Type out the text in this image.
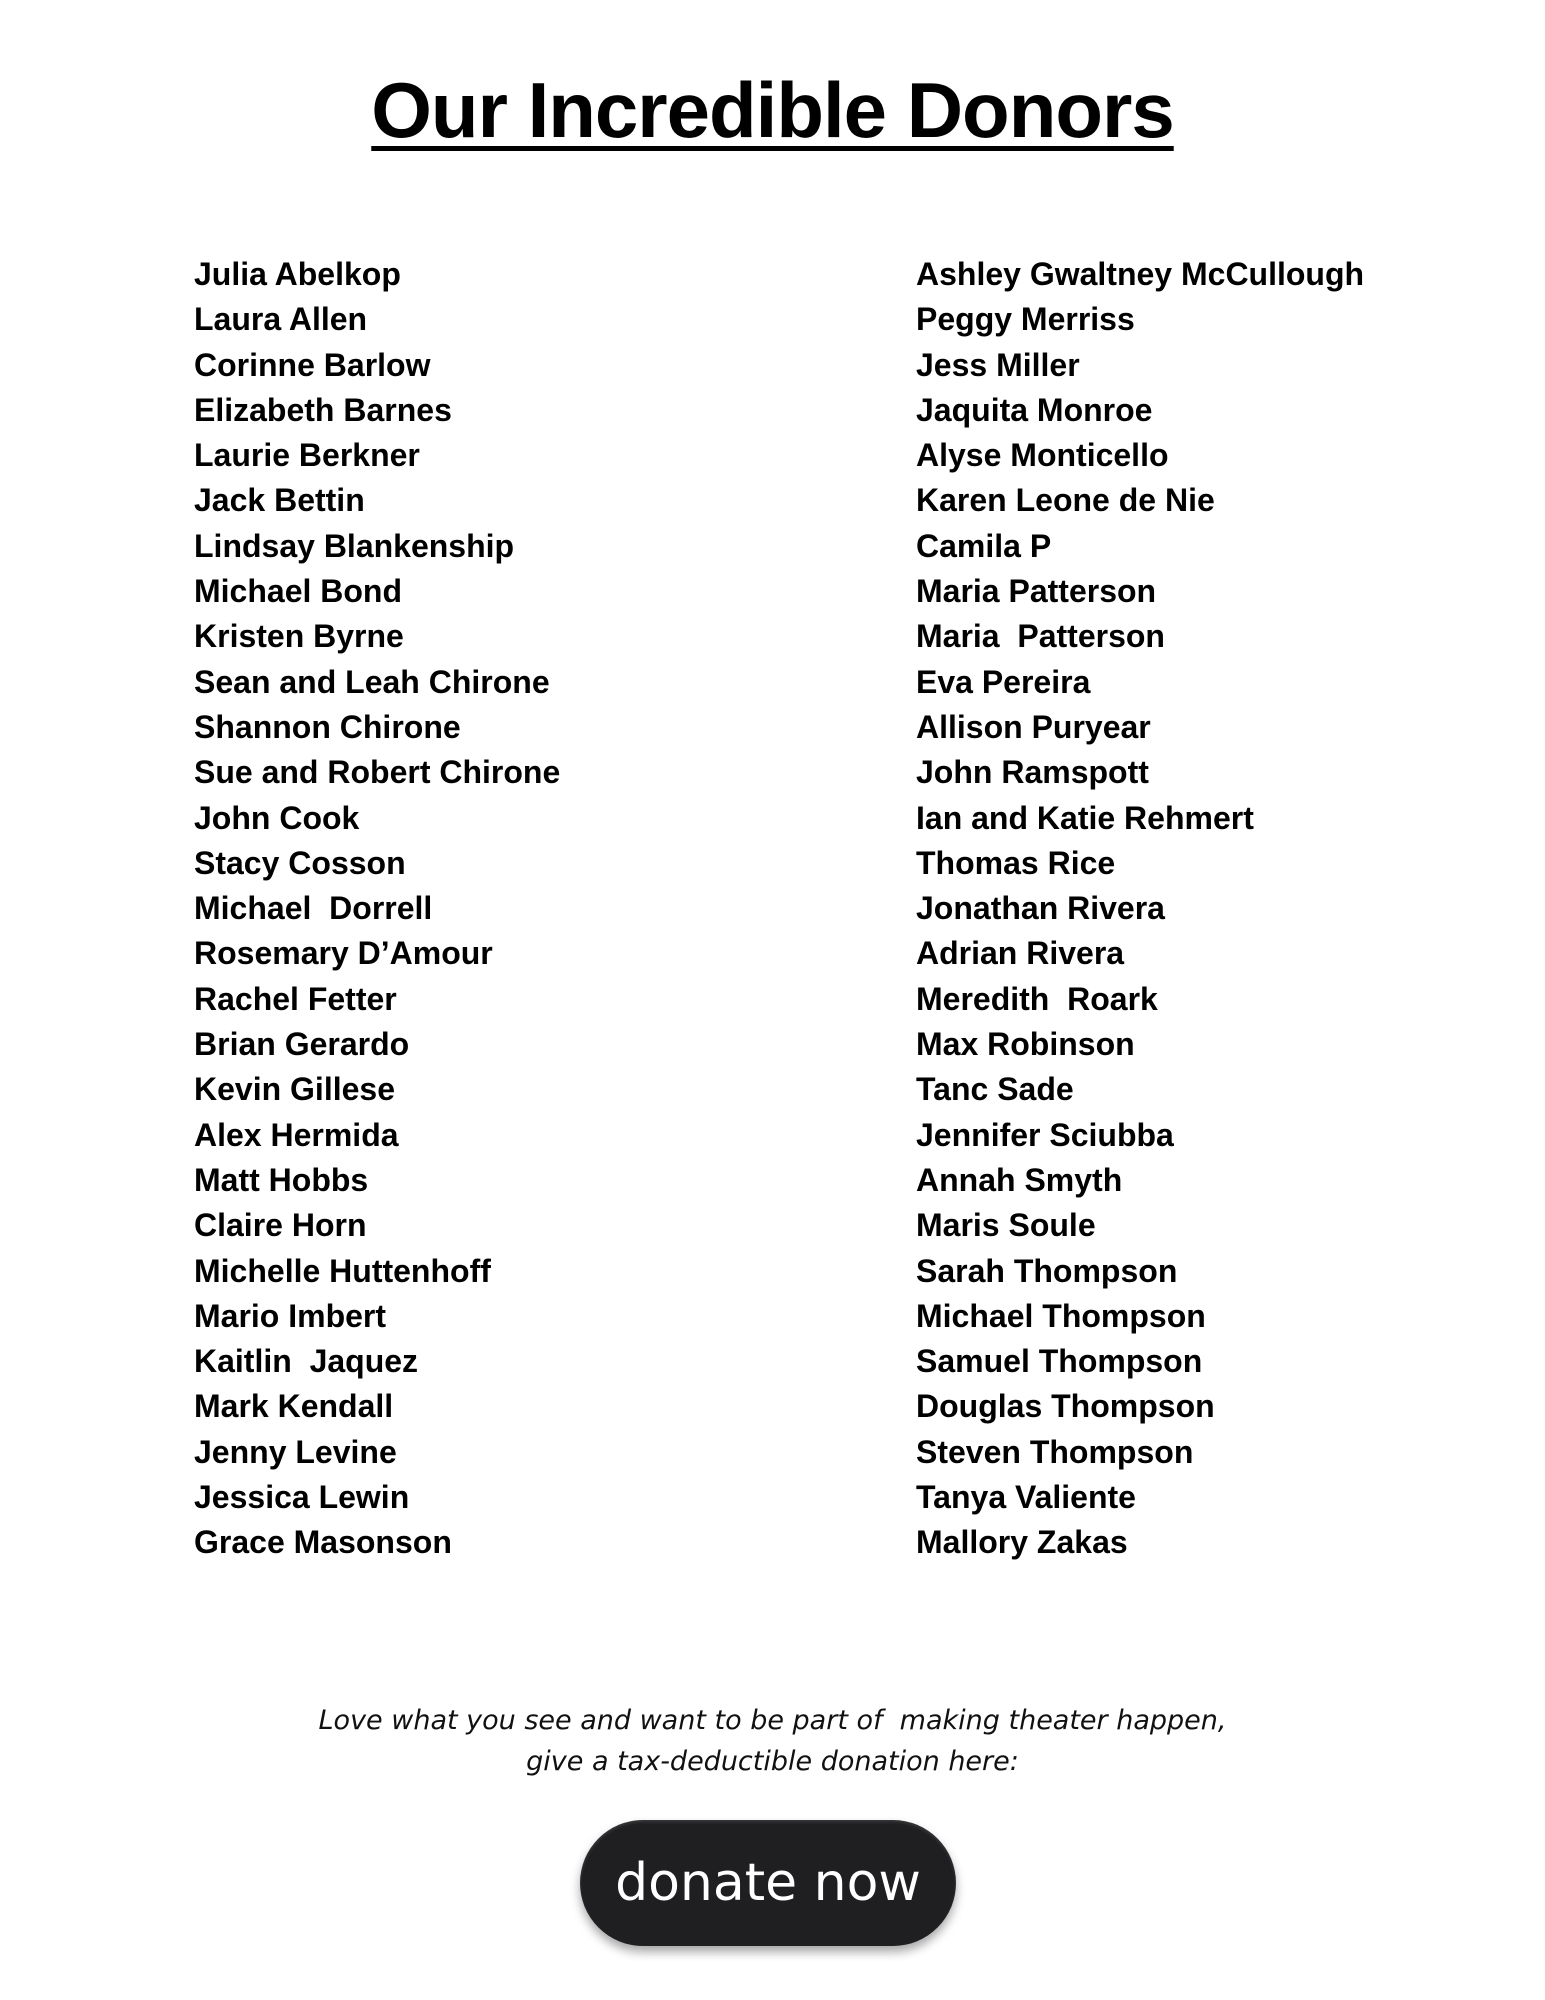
Our Incredible Donors
Julia Abelkop
Laura Allen
Corinne Barlow
Elizabeth Barnes
Laurie Berkner
Jack Bettin
Lindsay Blankenship
Michael Bond
Kristen Byrne
Sean and Leah Chirone
Shannon Chirone
Sue and Robert Chirone
John Cook
Stacy Cosson
Michael  Dorrell
Rosemary D’Amour
Rachel Fetter
Brian Gerardo
Kevin Gillese
Alex Hermida
Matt Hobbs
Claire Horn
Michelle Huttenhoff
Mario Imbert
Kaitlin  Jaquez
Mark Kendall
Jenny Levine
Jessica Lewin
Grace Masonson
Ashley Gwaltney McCullough
Peggy Merriss
Jess Miller
Jaquita Monroe
Alyse Monticello
Karen Leone de Nie
Camila P
Maria Patterson
Maria  Patterson
Eva Pereira
Allison Puryear
John Ramspott
Ian and Katie Rehmert
Thomas Rice
Jonathan Rivera
Adrian Rivera
Meredith  Roark
Max Robinson
Tanc Sade
Jennifer Sciubba
Annah Smyth
Maris Soule
Sarah Thompson
Michael Thompson
Samuel Thompson
Douglas Thompson
Steven Thompson
Tanya Valiente
Mallory Zakas
Love what you see and want to be part of  making theater happen,
give a tax-deductible donation here:
donate now
